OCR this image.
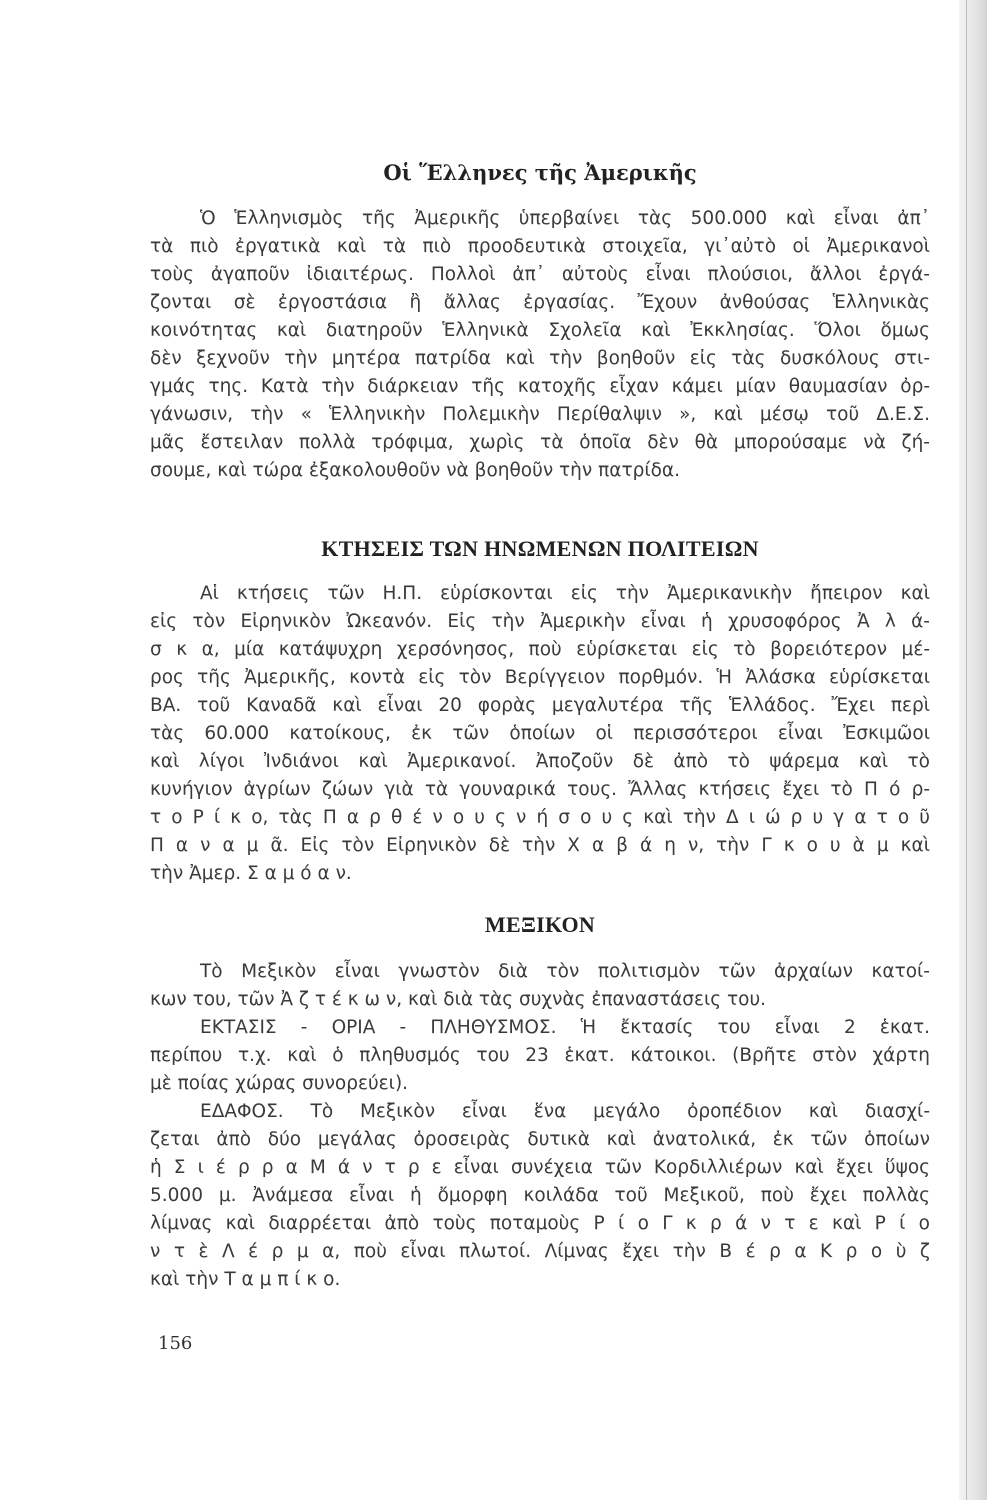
Οἱ Ἕλληνες τῆς Ἀμερικῆς
Ὁ Ἑλληνισμὸς τῆς Ἀμερικῆς ὑπερβαίνει τὰς 500.000 καὶ εἶναι ἀπ᾿
τὰ πιὸ ἐργατικὰ καὶ τὰ πιὸ προοδευτικὰ στοιχεῖα, γι᾿αὐτὸ οἱ Ἀμερικανοὶ
τοὺς ἀγαποῦν ἰδιαιτέρως. Πολλοὶ ἀπ᾿ αὐτοὺς εἶναι πλούσιοι, ἄλλοι ἐργά-
ζονται σὲ ἐργοστάσια ἢ ἄλλας ἐργασίας. Ἔχουν ἀνθούσας Ἑλληνικὰς
κοινότητας καὶ διατηροῦν Ἑλληνικὰ Σχολεῖα καὶ Ἐκκλησίας. Ὅλοι ὅμως
δὲν ξεχνοῦν τὴν μητέρα πατρίδα καὶ τὴν βοηθοῦν εἰς τὰς δυσκόλους στι-
γμάς της. Κατὰ τὴν διάρκειαν τῆς κατοχῆς εἶχαν κάμει μίαν θαυμασίαν ὀρ-
γάνωσιν, τὴν « Ἑλληνικὴν Πολεμικὴν Περίθαλψιν », καὶ μέσῳ τοῦ Δ.Ε.Σ.
μᾶς ἔστειλαν πολλὰ τρόφιμα, χωρὶς τὰ ὁποῖα δὲν θὰ μπορούσαμε νὰ ζή-
σουμε, καὶ τώρα ἐξακολουθοῦν νὰ βοηθοῦν τὴν πατρίδα.
ΚΤΗΣΕΙΣ ΤΩΝ ΗΝΩΜΕΝΩΝ ΠΟΛΙΤΕΙΩΝ
Αἱ κτήσεις τῶν Η.Π. εὑρίσκονται εἰς τὴν Ἀμερικανικὴν ἤπειρον καὶ
εἰς τὸν Εἰρηνικὸν Ὠκεανόν. Εἰς τὴν Ἀμερικὴν εἶναι ἡ χρυσοφόρος Ἀ λ ά-
σ κ α, μία κατάψυχρη χερσόνησος, ποὺ εὑρίσκεται εἰς τὸ βορειότερον μέ-
ρος τῆς Ἀμερικῆς, κοντὰ εἰς τὸν Βερίγγειον πορθμόν. Ἡ Ἀλάσκα εὑρίσκεται
ΒΑ. τοῦ Καναδᾶ καὶ εἶναι 20 φορὰς μεγαλυτέρα τῆς Ἑλλάδος. Ἔχει περὶ
τὰς 60.000 κατοίκους, ἐκ τῶν ὁποίων οἱ περισσότεροι εἶναι Ἐσκιμῶοι
καὶ λίγοι Ἰνδιάνοι καὶ Ἀμερικανοί. Ἀποζοῦν δὲ ἀπὸ τὸ ψάρεμα καὶ τὸ
κυνήγιον ἀγρίων ζώων γιὰ τὰ γουναρικά τους. Ἄλλας κτήσεις ἔχει τὸ Π ό ρ-
τ ο Ρ ί κ ο, τὰς Π α ρ θ έ ν ο υ ς ν ή σ ο υ ς καὶ τὴν Δ ι ώ ρ υ γ α τ ο ῦ
Π α ν α μ ᾶ. Εἰς τὸν Εἰρηνικὸν δὲ τὴν Χ α β ά η ν, τὴν Γ κ ο υ ὰ μ καὶ
τὴν Ἀμερ. Σ α μ ό α ν.
ΜΕΞΙΚΟΝ
Τὸ Μεξικὸν εἶναι γνωστὸν διὰ τὸν πολιτισμὸν τῶν ἀρχαίων κατοί-
κων του, τῶν Ἀ ζ τ έ κ ω ν, καὶ διὰ τὰς συχνὰς ἐπαναστάσεις του.
ΕΚΤΑΣΙΣ - ΟΡΙΑ - ΠΛΗΘΥΣΜΟΣ. Ἡ ἔκτασίς του εἶναι 2 ἑκατ.
περίπου τ.χ. καὶ ὁ πληθυσμός του 23 ἑκατ. κάτοικοι. (Βρῆτε στὸν χάρτη
μὲ ποίας χώρας συνορεύει).
ΕΔΑΦΟΣ. Τὸ Μεξικὸν εἶναι ἕνα μεγάλο ὀροπέδιον καὶ διασχί-
ζεται ἀπὸ δύο μεγάλας ὀροσειρὰς δυτικὰ καὶ ἀνατολικά, ἐκ τῶν ὁποίων
ἡ Σ ι έ ρ ρ α Μ ά ν τ ρ ε εἶναι συνέχεια τῶν Κορδιλλιέρων καὶ ἔχει ὕψος
5.000 μ. Ἀνάμεσα εἶναι ἡ ὄμορφη κοιλάδα τοῦ Μεξικοῦ, ποὺ ἔχει πολλὰς
λίμνας καὶ διαρρέεται ἀπὸ τοὺς ποταμοὺς Ρ ί ο Γ κ ρ ά ν τ ε καὶ Ρ ί ο
ν τ ὲ Λ έ ρ μ α, ποὺ εἶναι πλωτοί. Λίμνας ἔχει τὴν Β έ ρ α Κ ρ ο ὺ ζ
καὶ τὴν Τ α μ π ί κ ο.
156
